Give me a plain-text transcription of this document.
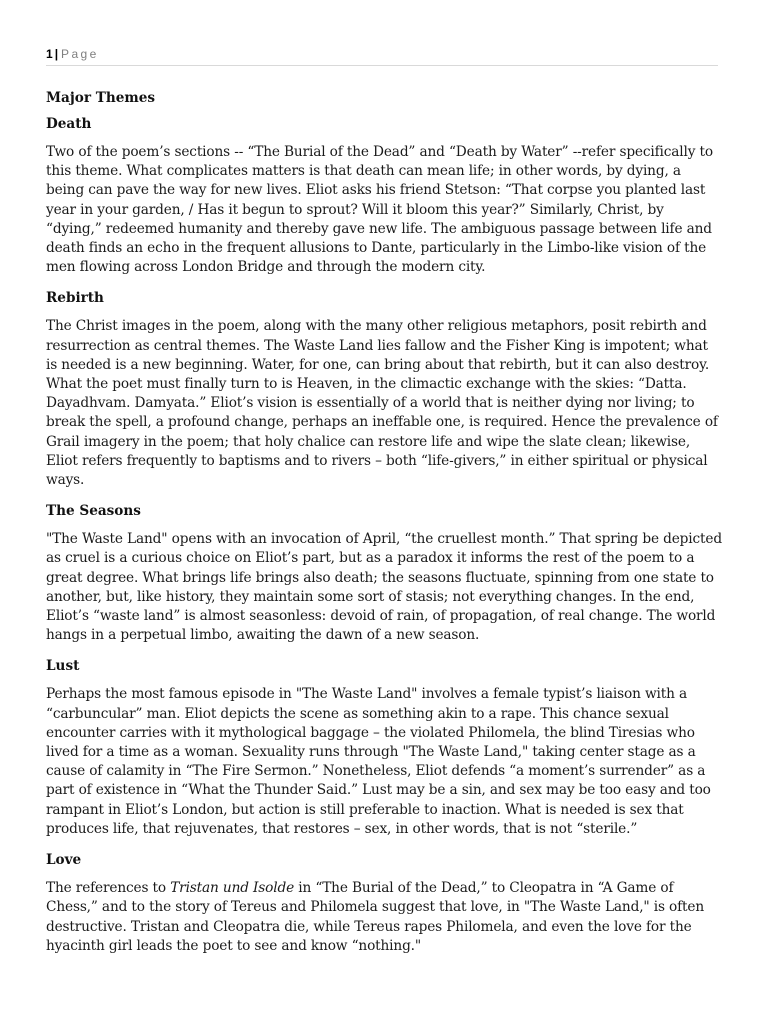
1 | Page
Major Themes
Death

Two of the poem’s sections -- “The Burial of the Dead” and “Death by Water” --refer specifically to this theme. What complicates matters is that death can mean life; in other words, by dying, a being can pave the way for new lives. Eliot asks his friend Stetson: “That corpse you planted last year in your garden, / Has it begun to sprout? Will it bloom this year?” Similarly, Christ, by “dying,” redeemed humanity and thereby gave new life. The ambiguous passage between life and death finds an echo in the frequent allusions to Dante, particularly in the Limbo-like vision of the men flowing across London Bridge and through the modern city.

Rebirth

The Christ images in the poem, along with the many other religious metaphors, posit rebirth and resurrection as central themes. The Waste Land lies fallow and the Fisher King is impotent; what is needed is a new beginning. Water, for one, can bring about that rebirth, but it can also destroy. What the poet must finally turn to is Heaven, in the climactic exchange with the skies: “Datta. Dayadhvam. Damyata.” Eliot’s vision is essentially of a world that is neither dying nor living; to break the spell, a profound change, perhaps an ineffable one, is required. Hence the prevalence of Grail imagery in the poem; that holy chalice can restore life and wipe the slate clean; likewise, Eliot refers frequently to baptisms and to rivers – both “life-givers,” in either spiritual or physical ways.

The Seasons

"The Waste Land" opens with an invocation of April, “the cruellest month.” That spring be depicted as cruel is a curious choice on Eliot’s part, but as a paradox it informs the rest of the poem to a great degree. What brings life brings also death; the seasons fluctuate, spinning from one state to another, but, like history, they maintain some sort of stasis; not everything changes. In the end, Eliot’s “waste land” is almost seasonless: devoid of rain, of propagation, of real change. The world hangs in a perpetual limbo, awaiting the dawn of a new season.

Lust

Perhaps the most famous episode in "The Waste Land" involves a female typist’s liaison with a “carbuncular” man. Eliot depicts the scene as something akin to a rape. This chance sexual encounter carries with it mythological baggage – the violated Philomela, the blind Tiresias who lived for a time as a woman. Sexuality runs through "The Waste Land," taking center stage as a cause of calamity in “The Fire Sermon.” Nonetheless, Eliot defends “a moment’s surrender” as a part of existence in “What the Thunder Said.” Lust may be a sin, and sex may be too easy and too rampant in Eliot’s London, but action is still preferable to inaction. What is needed is sex that produces life, that rejuvenates, that restores – sex, in other words, that is not “sterile.”

Love

The references to Tristan und Isolde in “The Burial of the Dead,” to Cleopatra in “A Game of Chess,” and to the story of Tereus and Philomela suggest that love, in "The Waste Land," is often destructive. Tristan and Cleopatra die, while Tereus rapes Philomela, and even the love for the hyacinth girl leads the poet to see and know “nothing."
